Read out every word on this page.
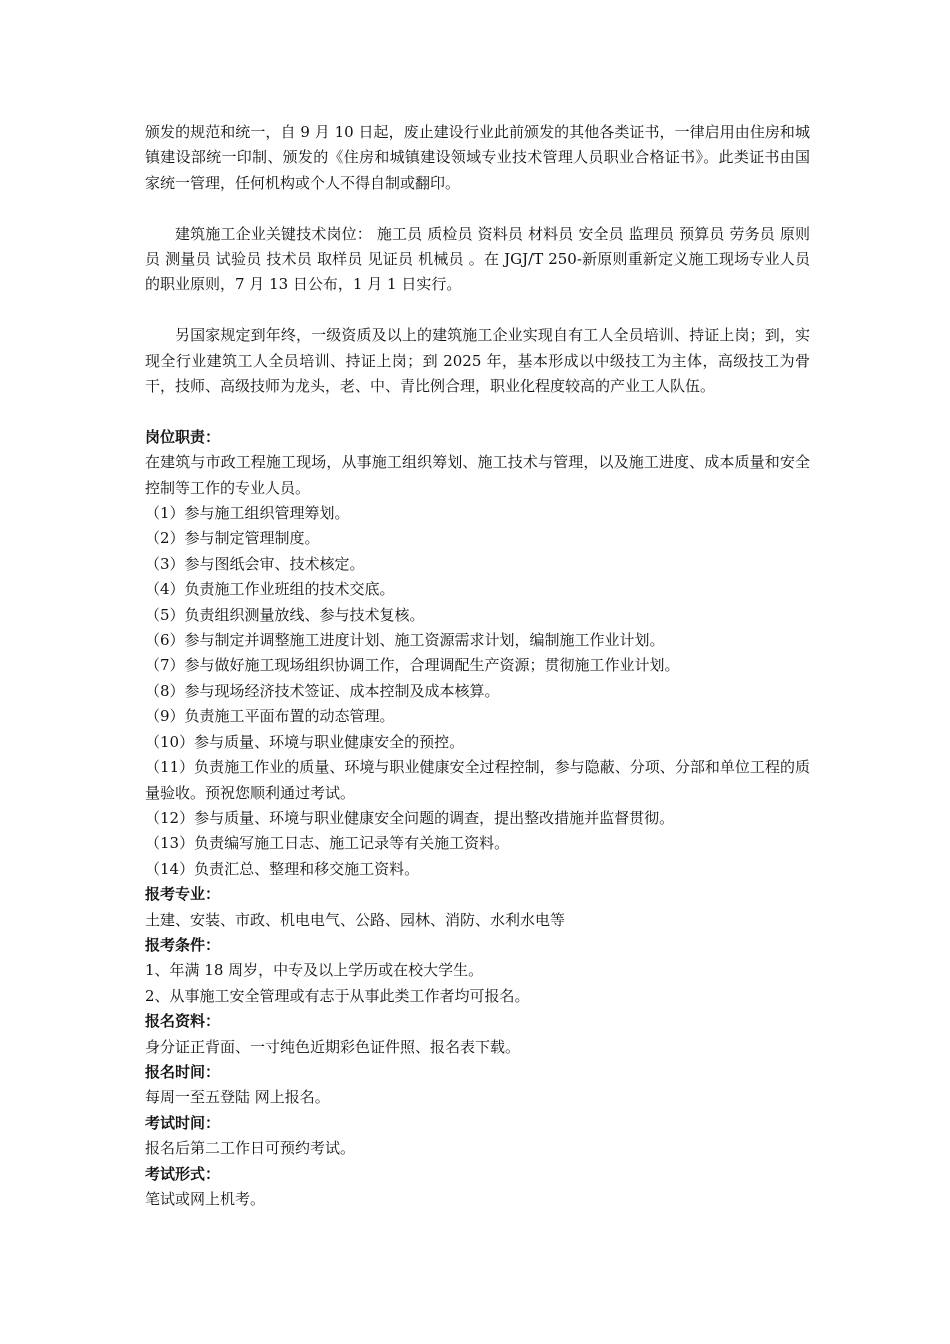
颁发的规范和统一，自 9 月 10 日起，废止建设行业此前颁发的其他各类证书，一律启用由住房和城镇建设部统一印制、颁发的《住房和城镇建设领域专业技术管理人员职业合格证书》。此类证书由国家统一管理，任何机构或个人不得自制或翻印。

建筑施工企业关键技术岗位： 施工员 质检员 资料员 材料员 安全员 监理员 预算员 劳务员 原则员 测量员 试验员 技术员 取样员 见证员 机械员 。在 JGJ/T 250-新原则重新定义施工现场专业人员的职业原则，7 月 13 日公布，1 月 1 日实行。

另国家规定到年终，一级资质及以上的建筑施工企业实现自有工人全员培训、持证上岗；到，实现全行业建筑工人全员培训、持证上岗；到 2025 年，基本形成以中级技工为主体，高级技工为骨干，技师、高级技师为龙头，老、中、青比例合理，职业化程度较高的产业工人队伍。

岗位职责：

在建筑与市政工程施工现场，从事施工组织筹划、施工技术与管理，以及施工进度、成本质量和安全控制等工作的专业人员。

（1）参与施工组织管理筹划。

（2）参与制定管理制度。

（3）参与图纸会审、技术核定。

（4）负责施工作业班组的技术交底。

（5）负责组织测量放线、参与技术复核。

（6）参与制定并调整施工进度计划、施工资源需求计划，编制施工作业计划。

（7）参与做好施工现场组织协调工作，合理调配生产资源；贯彻施工作业计划。

（8）参与现场经济技术签证、成本控制及成本核算。

（9）负责施工平面布置的动态管理。

（10）参与质量、环境与职业健康安全的预控。

（11）负责施工作业的质量、环境与职业健康安全过程控制，参与隐蔽、分项、分部和单位工程的质量验收。预祝您顺利通过考试。

（12）参与质量、环境与职业健康安全问题的调查，提出整改措施并监督贯彻。

（13）负责编写施工日志、施工记录等有关施工资料。

（14）负责汇总、整理和移交施工资料。

报考专业：

土建、安装、市政、机电电气、公路、园林、消防、水利水电等

报考条件：

1、年满 18 周岁，中专及以上学历或在校大学生。

2、从事施工安全管理或有志于从事此类工作者均可报名。

报名资料：

身分证正背面、一寸纯色近期彩色证件照、报名表下载。

报名时间：

每周一至五登陆 网上报名。

考试时间：

报名后第二工作日可预约考试。

考试形式：

笔试或网上机考。
